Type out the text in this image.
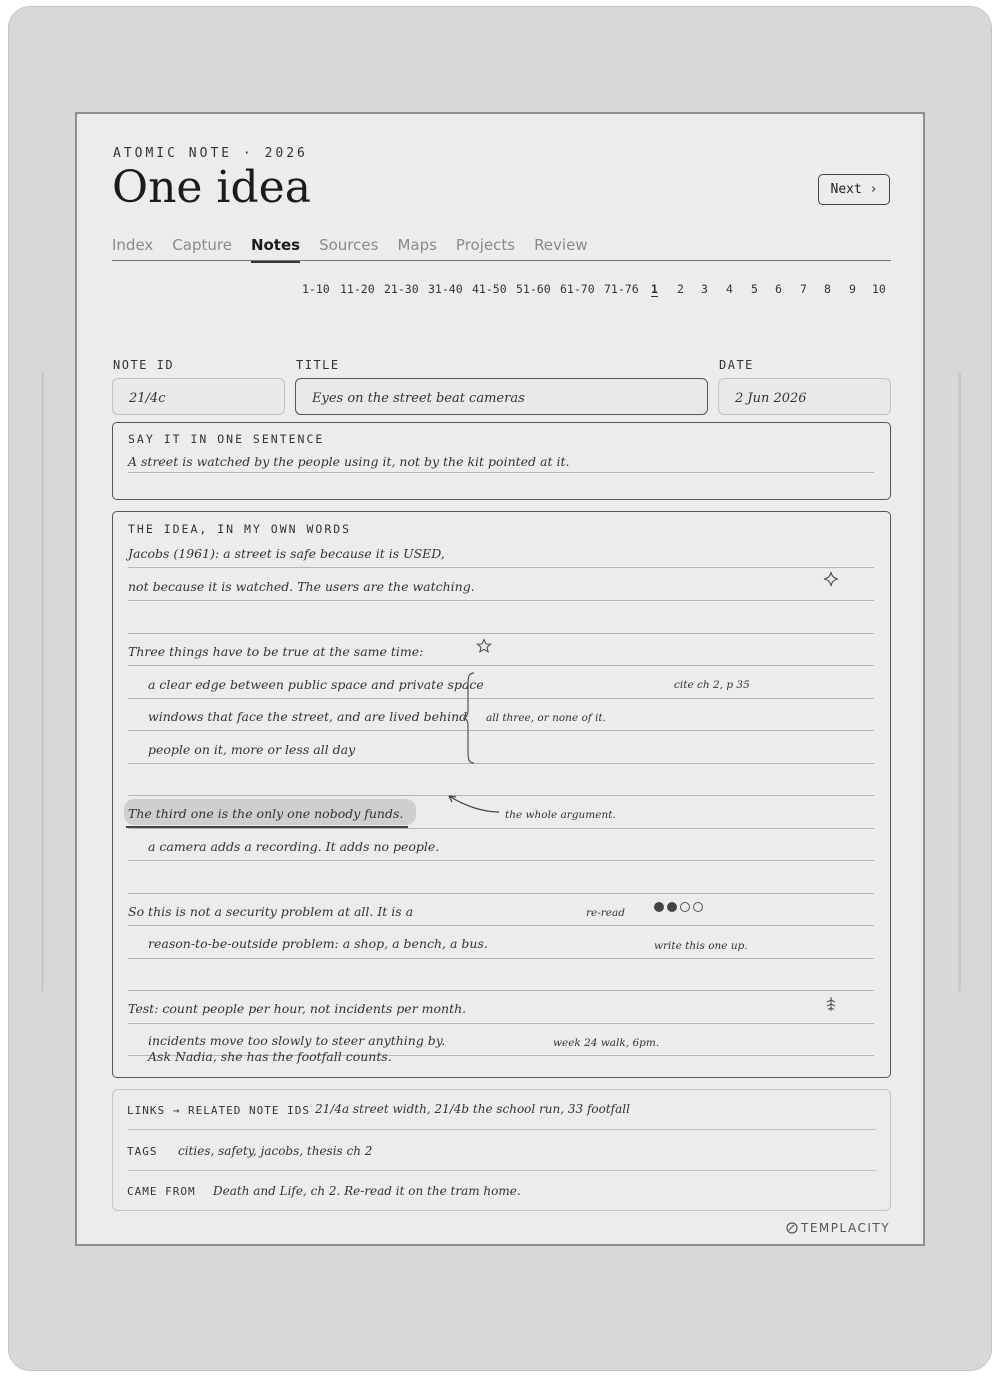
ATOMIC NOTE · 2026
One idea	Next ›
Index Capture Notes Sources Maps Projects Review
1-10 11-20 21-30 31-40 41-50 51-60 61-70 71-76 1 2 3 4 5 6 7 8 9 10
NOTE ID	TITLE	DATE
21/4c	Eyes on the street beat cameras	2 Jun 2026
SAY IT IN ONE SENTENCE
A street is watched by the people using it, not by the kit pointed at it.
THE IDEA, IN MY OWN WORDS
Jacobs (1961): a street is safe because it is USED,
not because it is watched. The users are the watching.
Three things have to be true at the same time:
a clear edge between public space and private space
windows that face the street, and are lived behind
people on it, more or less all day
The third one is the only one nobody funds.
a camera adds a recording. It adds no people.
So this is not a security problem at all. It is a
reason-to-be-outside problem: a shop, a bench, a bus.
Test: count people per hour, not incidents per month.
incidents move too slowly to steer anything by.
Ask Nadia, she has the footfall counts.
cite ch 2, p 35
all three, or none of it.
the whole argument.
re-read
write this one up.
week 24 walk, 6pm.
LINKS → RELATED NOTE IDS 21/4a street width, 21/4b the school run, 33 footfall
TAGS cities, safety, jacobs, thesis ch 2
CAME FROM Death and Life, ch 2. Re-read it on the tram home.
TEMPLACITY
